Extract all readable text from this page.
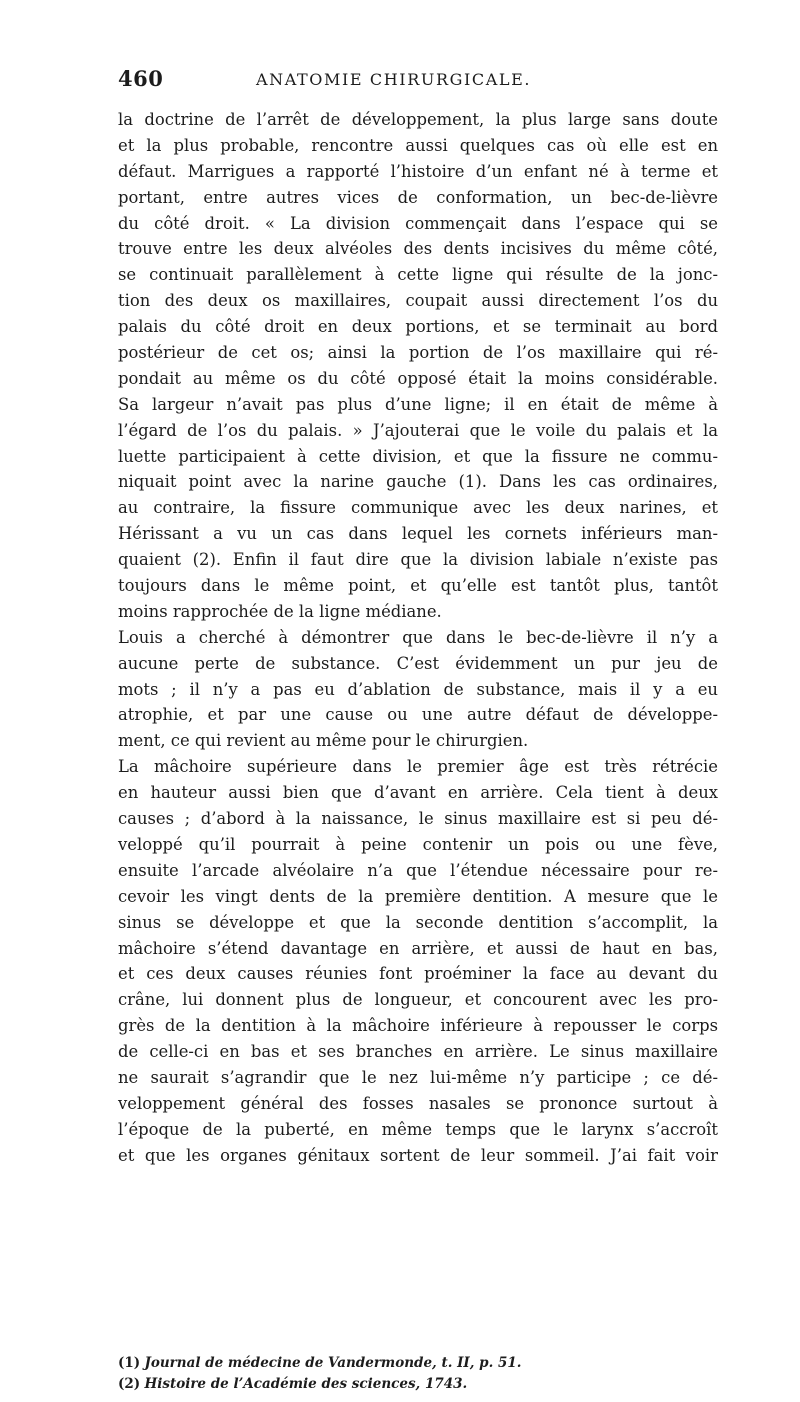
460	ANATOMIE CHIRURGICALE.
la doctrine de l’arrêt de développement, la plus large sans doute
et la plus probable, rencontre aussi quelques cas où elle est en
défaut. Marrigues a rapporté l’histoire d’un enfant né à terme et
portant, entre autres vices de conformation, un bec-de-lièvre
du côté droit. « La division commençait dans l’espace qui se
trouve entre les deux alvéoles des dents incisives du même côté,
se continuait parallèlement à cette ligne qui résulte de la jonc-
tion des deux os maxillaires, coupait aussi directement l’os du
palais du côté droit en deux portions, et se terminait au bord
postérieur de cet os; ainsi la portion de l’os maxillaire qui ré-
pondait au même os du côté opposé était la moins considérable.
Sa largeur n’avait pas plus d’une ligne; il en était de même à
l’égard de l’os du palais. » J’ajouterai que le voile du palais et la
luette participaient à cette division, et que la fissure ne commu-
niquait point avec la narine gauche (1). Dans les cas ordinaires,
au contraire, la fissure communique avec les deux narines, et
Hérissant a vu un cas dans lequel les cornets inférieurs man-
quaient (2). Enfin il faut dire que la division labiale n’existe pas
toujours dans le même point, et qu’elle est tantôt plus, tantôt
moins rapprochée de la ligne médiane.
Louis a cherché à démontrer que dans le bec-de-lièvre il n’y a
aucune perte de substance. C’est évidemment un pur jeu de
mots ; il n’y a pas eu d’ablation de substance, mais il y a eu
atrophie, et par une cause ou une autre défaut de développe-
ment, ce qui revient au même pour le chirurgien.
La mâchoire supérieure dans le premier âge est très rétrécie
en hauteur aussi bien que d’avant en arrière. Cela tient à deux
causes ; d’abord à la naissance, le sinus maxillaire est si peu dé-
veloppé qu’il pourrait à peine contenir un pois ou une fève,
ensuite l’arcade alvéolaire n’a que l’étendue nécessaire pour re-
cevoir les vingt dents de la première dentition. A mesure que le
sinus se développe et que la seconde dentition s’accomplit, la
mâchoire s’étend davantage en arrière, et aussi de haut en bas,
et ces deux causes réunies font proéminer la face au devant du
crâne, lui donnent plus de longueur, et concourent avec les pro-
grès de la dentition à la mâchoire inférieure à repousser le corps
de celle-ci en bas et ses branches en arrière. Le sinus maxillaire
ne saurait s’agrandir que le nez lui-même n’y participe ; ce dé-
veloppement général des fosses nasales se prononce surtout à
l’époque de la puberté, en même temps que le larynx s’accroît
et que les organes génitaux sortent de leur sommeil. J’ai fait voir
(1) Journal de médecine de Vandermonde, t. II, p. 51.
(2) Histoire de l’Académie des sciences, 1743.
